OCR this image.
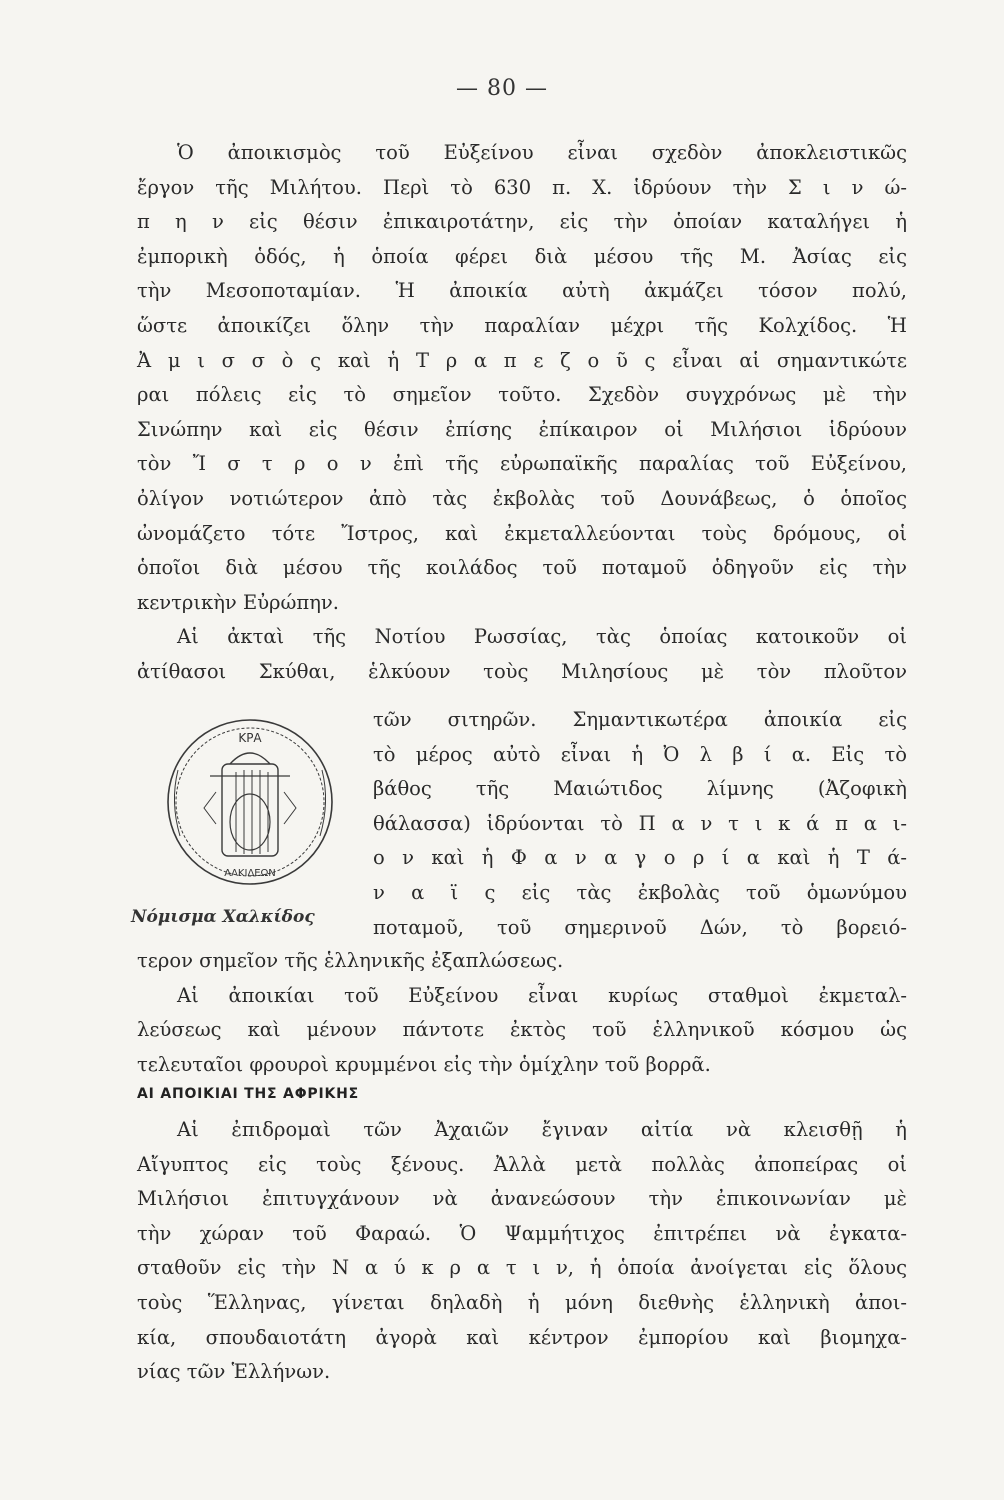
— 80 —
Ὁ ἀποικισμὸς τοῦ Εὐξείνου εἶναι σχεδὸν ἀποκλειστικῶς
ἔργον τῆς Μιλήτου. Περὶ τὸ 630 π. Χ. ἱδρύουν τὴν Σ ι ν ώ-
π η ν εἰς θέσιν ἐπικαιροτάτην, εἰς τὴν ὁποίαν καταλήγει ἡ
ἐμπορικὴ ὁδός, ἡ ὁποία φέρει διὰ μέσου τῆς Μ. Ἀσίας εἰς
τὴν Μεσοποταμίαν. Ἡ ἀποικία αὐτὴ ἀκμάζει τόσον πολύ,
ὥστε ἀποικίζει ὅλην τὴν παραλίαν μέχρι τῆς Κολχίδος. Ἡ
Ἀ μ ι σ σ ὸ ς καὶ ἡ Τ ρ α π ε ζ ο ῦ ς εἶναι αἱ σημαντικώτε
ραι πόλεις εἰς τὸ σημεῖον τοῦτο. Σχεδὸν συγχρόνως μὲ τὴν
Σινώπην καὶ εἰς θέσιν ἐπίσης ἐπίκαιρον οἱ Μιλήσιοι ἱδρύουν
τὸν Ἴ σ τ ρ ο ν ἐπὶ τῆς εὐρωπαϊκῆς παραλίας τοῦ Εὐξείνου,
ὀλίγον νοτιώτερον ἀπὸ τὰς ἐκβολὰς τοῦ Δουνάβεως, ὁ ὁποῖος
ὠνομάζετο τότε Ἴστρος, καὶ ἐκμεταλλεύονται τοὺς δρόμους, οἱ
ὁποῖοι διὰ μέσου τῆς κοιλάδος τοῦ ποταμοῦ ὁδηγοῦν εἰς τὴν
κεντρικὴν Εὐρώπην.
Αἱ ἀκταὶ τῆς Νοτίου Ρωσσίας, τὰς ὁποίας κατοικοῦν οἱ
ἀτίθασοι Σκύθαι, ἑλκύουν τοὺς Μιλησίους μὲ τὸν πλοῦτον
ΚΡΑ
ΑΛΚΙΔΕΩΝ
τῶν σιτηρῶν. Σημαντικωτέρα ἀποικία εἰς
τὸ μέρος αὐτὸ εἶναι ἡ Ὀ λ β ί α. Εἰς τὸ
βάθος τῆς Μαιώτιδος λίμνης (Ἀζοφικὴ
θάλασσα) ἱδρύονται τὸ Π α ν τ ι κ ά π α ι-
ο ν καὶ ἡ Φ α ν α γ ο ρ ί α καὶ ἡ Τ ά-
ν α ϊ ς εἰς τὰς ἐκβολὰς τοῦ ὁμωνύμου
ποταμοῦ, τοῦ σημερινοῦ Δών, τὸ βορειό-
Νόμισμα Χαλκίδος
τερον σημεῖον τῆς ἑλληνικῆς ἐξαπλώσεως.
Αἱ ἀποικίαι τοῦ Εὐξείνου εἶναι κυρίως σταθμοὶ ἐκμεταλ-
λεύσεως καὶ μένουν πάντοτε ἐκτὸς τοῦ ἑλληνικοῦ κόσμου ὡς
τελευταῖοι φρουροὶ κρυμμένοι εἰς τὴν ὁμίχλην τοῦ βορρᾶ.
ΑΙ ΑΠΟΙΚΙΑΙ ΤΗΣ ΑΦΡΙΚΗΣ
Αἱ ἐπιδρομαὶ τῶν Ἀχαιῶν ἔγιναν αἰτία νὰ κλεισθῇ ἡ
Αἴγυπτος εἰς τοὺς ξένους. Ἀλλὰ μετὰ πολλὰς ἀποπείρας οἱ
Μιλήσιοι ἐπιτυγχάνουν νὰ ἀνανεώσουν τὴν ἐπικοινωνίαν μὲ
τὴν χώραν τοῦ Φαραώ. Ὁ Ψαμμήτιχος ἐπιτρέπει νὰ ἐγκατα-
σταθοῦν εἰς τὴν Ν α ύ κ ρ α τ ι ν, ἡ ὁποία ἀνοίγεται εἰς ὅλους
τοὺς Ἕλληνας, γίνεται δηλαδὴ ἡ μόνη διεθνὴς ἑλληνικὴ ἀποι-
κία, σπουδαιοτάτη ἀγορὰ καὶ κέντρον ἐμπορίου καὶ βιομηχα-
νίας τῶν Ἑλλήνων.
